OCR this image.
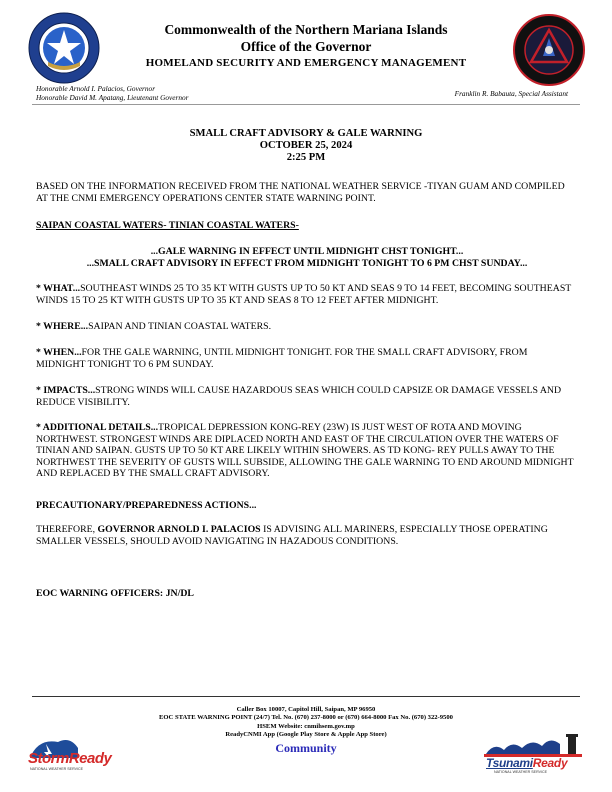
Commonwealth of the Northern Mariana Islands
Office of the Governor
HOMELAND SECURITY AND EMERGENCY MANAGEMENT
Honorable Arnold I. Palacios, Governor
Honorable David M. Apatang, Lieutenant Governor	Franklin R. Babauta, Special Assistant
SMALL CRAFT ADVISORY & GALE WARNING
OCTOBER 25, 2024
2:25 PM
BASED ON THE INFORMATION RECEIVED FROM THE NATIONAL WEATHER SERVICE -TIYAN GUAM AND COMPILED AT THE CNMI EMERGENCY OPERATIONS CENTER STATE WARNING POINT.
SAIPAN COASTAL WATERS- TINIAN COASTAL WATERS-
...GALE WARNING IN EFFECT UNTIL MIDNIGHT CHST TONIGHT...
...SMALL CRAFT ADVISORY IN EFFECT FROM MIDNIGHT TONIGHT TO 6 PM CHST SUNDAY...
* WHAT...SOUTHEAST WINDS 25 TO 35 KT WITH GUSTS UP TO 50 KT AND SEAS 9 TO 14 FEET, BECOMING SOUTHEAST WINDS 15 TO 25 KT WITH GUSTS UP TO 35 KT AND SEAS 8 TO 12 FEET AFTER MIDNIGHT.
* WHERE...SAIPAN AND TINIAN COASTAL WATERS.
* WHEN...FOR THE GALE WARNING, UNTIL MIDNIGHT TONIGHT. FOR THE SMALL CRAFT ADVISORY, FROM MIDNIGHT TONIGHT TO 6 PM SUNDAY.
* IMPACTS...STRONG WINDS WILL CAUSE HAZARDOUS SEAS WHICH COULD CAPSIZE OR DAMAGE VESSELS AND REDUCE VISIBILITY.
* ADDITIONAL DETAILS...TROPICAL DEPRESSION KONG-REY (23W) IS JUST WEST OF ROTA AND MOVING NORTHWEST. STRONGEST WINDS ARE DIPLACED NORTH AND EAST OF THE CIRCULATION OVER THE WATERS OF TINIAN AND SAIPAN. GUSTS UP TO 50 KT ARE LIKELY WITHIN SHOWERS. AS TD KONG- REY PULLS AWAY TO THE NORTHWEST THE SEVERITY OF GUSTS WILL SUBSIDE, ALLOWING THE GALE WARNING TO END AROUND MIDNIGHT AND REPLACED BY THE SMALL CRAFT ADVISORY.
PRECAUTIONARY/PREPAREDNESS ACTIONS...
THEREFORE, GOVERNOR ARNOLD I. PALACIOS IS ADVISING ALL MARINERS, ESPECIALLY THOSE OPERATING SMALLER VESSELS, SHOULD AVOID NAVIGATING IN HAZADOUS CONDITIONS.
EOC WARNING OFFICERS: JN/DL
Caller Box 10007, Capitol Hill, Saipan, MP 96950
EOC STATE WARNING POINT (24/7) Tel. No. (670) 237-8000 or (670) 664-8000 Fax No. (670) 322-9500
HSEM Website: cnmihsem.gov.mp
ReadyCNMI App (Google Play Store & Apple App Store)
Community
StormReady
NATIONAL WEATHER SERVICE	TsunamiReady
NATIONAL WEATHER SERVICE
